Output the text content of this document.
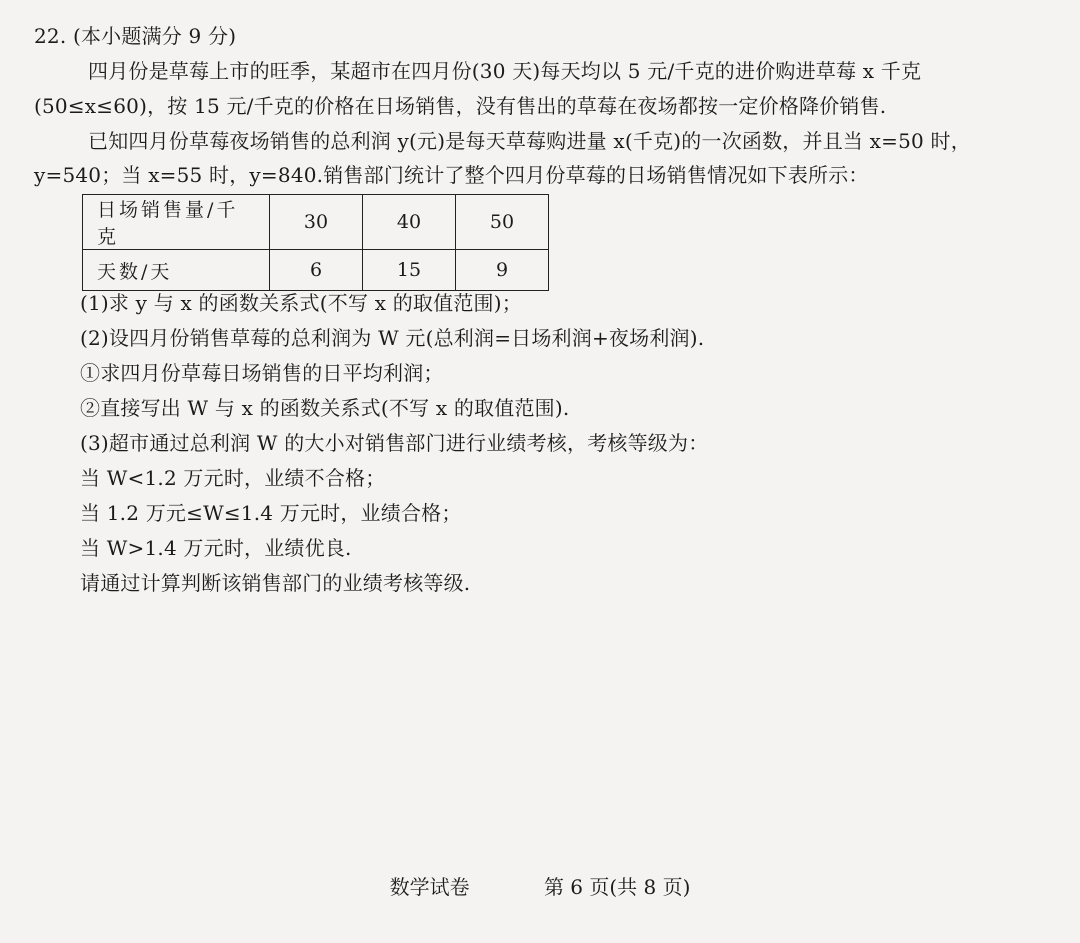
22. (本小题满分 9 分)
四月份是草莓上市的旺季，某超市在四月份(30 天)每天均以 5 元/千克的进价购进草莓 x 千克
(50≤x≤60)，按 15 元/千克的价格在日场销售，没有售出的草莓在夜场都按一定价格降价销售.
已知四月份草莓夜场销售的总利润 y(元)是每天草莓购进量 x(千克)的一次函数，并且当 x=50 时，
y=540；当 x=55 时，y=840.销售部门统计了整个四月份草莓的日场销售情况如下表所示：
日场销售量/千克	30	40	50
天数/天	6	15	9
(1)求 y 与 x 的函数关系式(不写 x 的取值范围)；
(2)设四月份销售草莓的总利润为 W 元(总利润=日场利润+夜场利润).
①求四月份草莓日场销售的日平均利润；
②直接写出 W 与 x 的函数关系式(不写 x 的取值范围).
(3)超市通过总利润 W 的大小对销售部门进行业绩考核，考核等级为：
当 W<1.2 万元时，业绩不合格；
当 1.2 万元≤W≤1.4 万元时，业绩合格；
当 W>1.4 万元时，业绩优良.
请通过计算判断该销售部门的业绩考核等级.
数学试卷	第 6 页(共 8 页)
